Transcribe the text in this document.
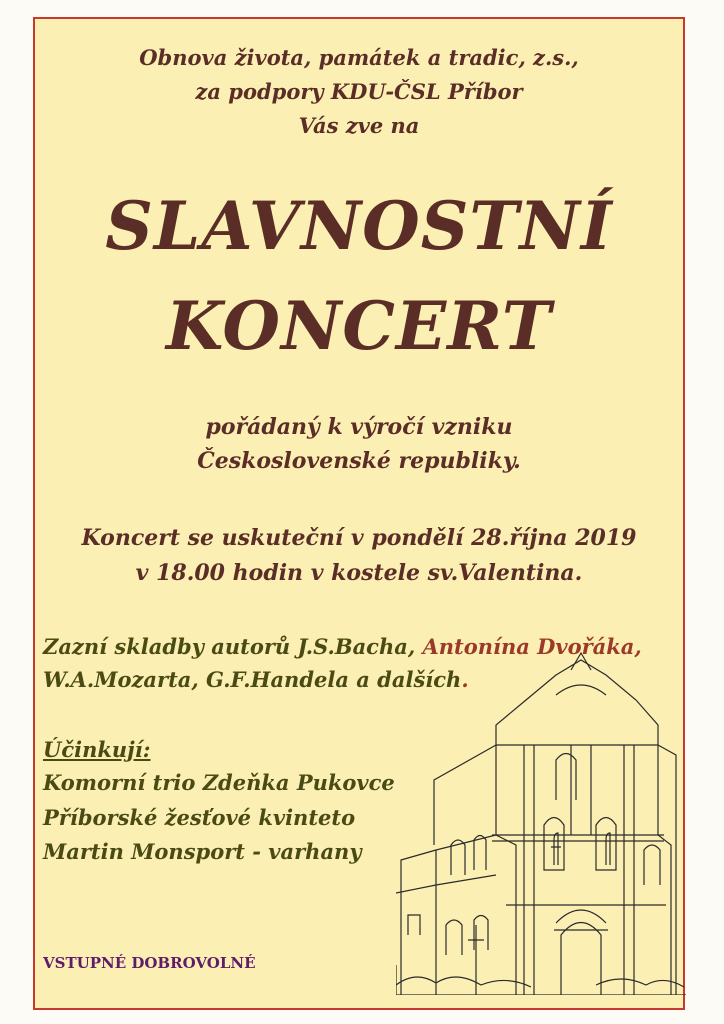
Obnova života, památek a tradic, z.s.,
za podpory KDU-ČSL Příbor
Vás zve na
SLAVNOSTNÍ
KONCERT
pořádaný k výročí vzniku
Československé republiky.
Koncert se uskuteční v pondělí 28.října 2019
v 18.00 hodin v kostele sv.Valentina.
Zazní skladby autorů J.S.Bacha, Antonína Dvořáka,
W.A.Mozarta, G.F.Handela a dalších.
Účinkují:
Komorní trio Zdeňka Pukovce
Příborské žesťové kvinteto
Martin Monsport - varhany
VSTUPNÉ DOBROVOLNÉ
